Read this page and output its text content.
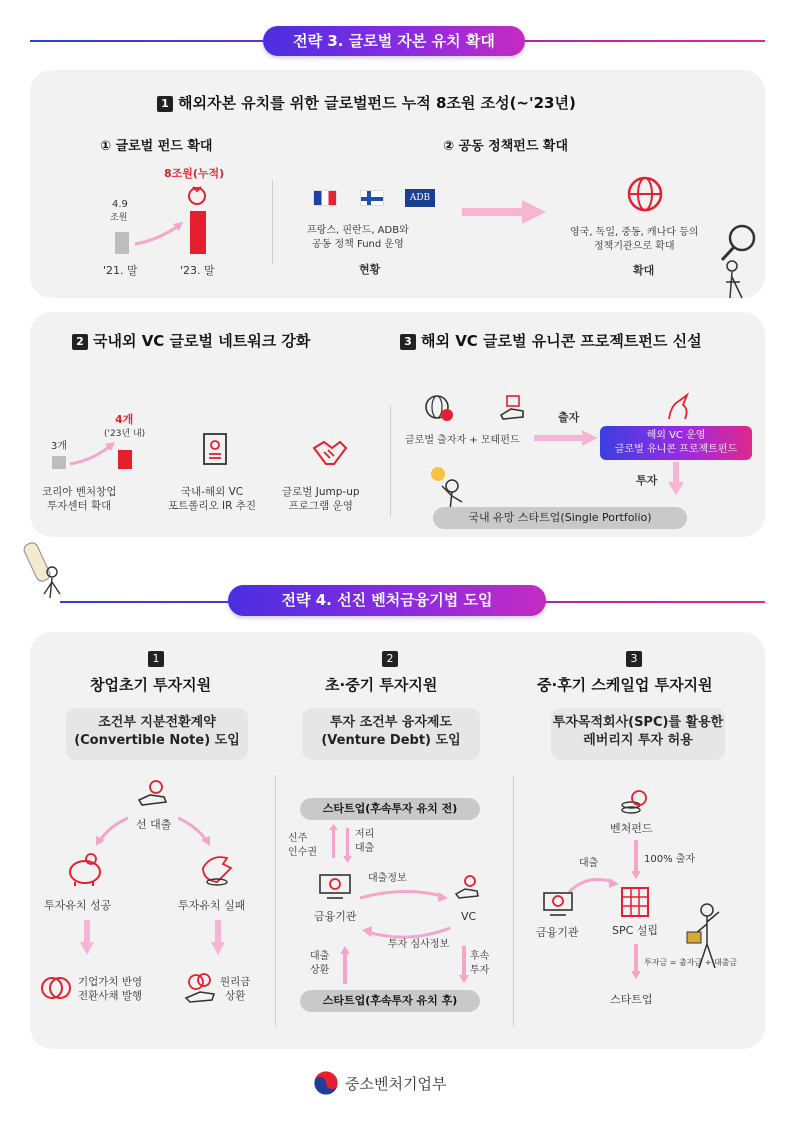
전략 3. 글로벌 자본 유치 확대
1 해외자본 유치를 위한 글로벌펀드 누적 8조원 조성(~'23년)
① 글로벌 펀드 확대
4.9
조원
8조원(누적)
'21. 말	'23. 말
② 공동 정책펀드 확대
ADB
프랑스, 핀란드, ADB와
공동 정책 Fund 운영
현황
영국, 독일, 중동, 캐나다 등의
정책기관으로 확대
확대
2 국내외 VC 글로벌 네트워크 강화
3개
4개
('23년 내)
코리아 벤처창업
투자센터 확대
국내-해외 VC
포트폴리오 IR 추진
글로벌 Jump-up
프로그램 운영
3 해외 VC 글로벌 유니콘 프로젝트펀드 신설
글로벌 출자자 + 모태펀드
출자
해외 VC 운영
글로벌 유니콘 프로젝트펀드
투자
국내 유망 스타트업(Single Portfolio)
전략 4. 선진 벤처금융기법 도입
1
창업초기 투자지원
조건부 지분전환계약
(Convertible Note) 도입
선 대출
투자유치 성공	투자유치 실패
기업가치 반영
전환사채 발행
원리금
상환
2
초·중기 투자지원
투자 조건부 융자제도
(Venture Debt) 도입
스타트업(후속투자 유치 전)
신주
인수권
저리
대출
금융기관
대출정보
VC
투자 심사정보
대출
상환
후속
투자
스타트업(후속투자 유치 후)
3
중·후기 스케일업 투자지원
투자목적회사(SPC)를 활용한
레버리지 투자 허용
벤처펀드
100% 출자
대출
금융기관	SPC 설립
투자금 = 출자금 + 대출금
스타트업
중소벤처기업부
